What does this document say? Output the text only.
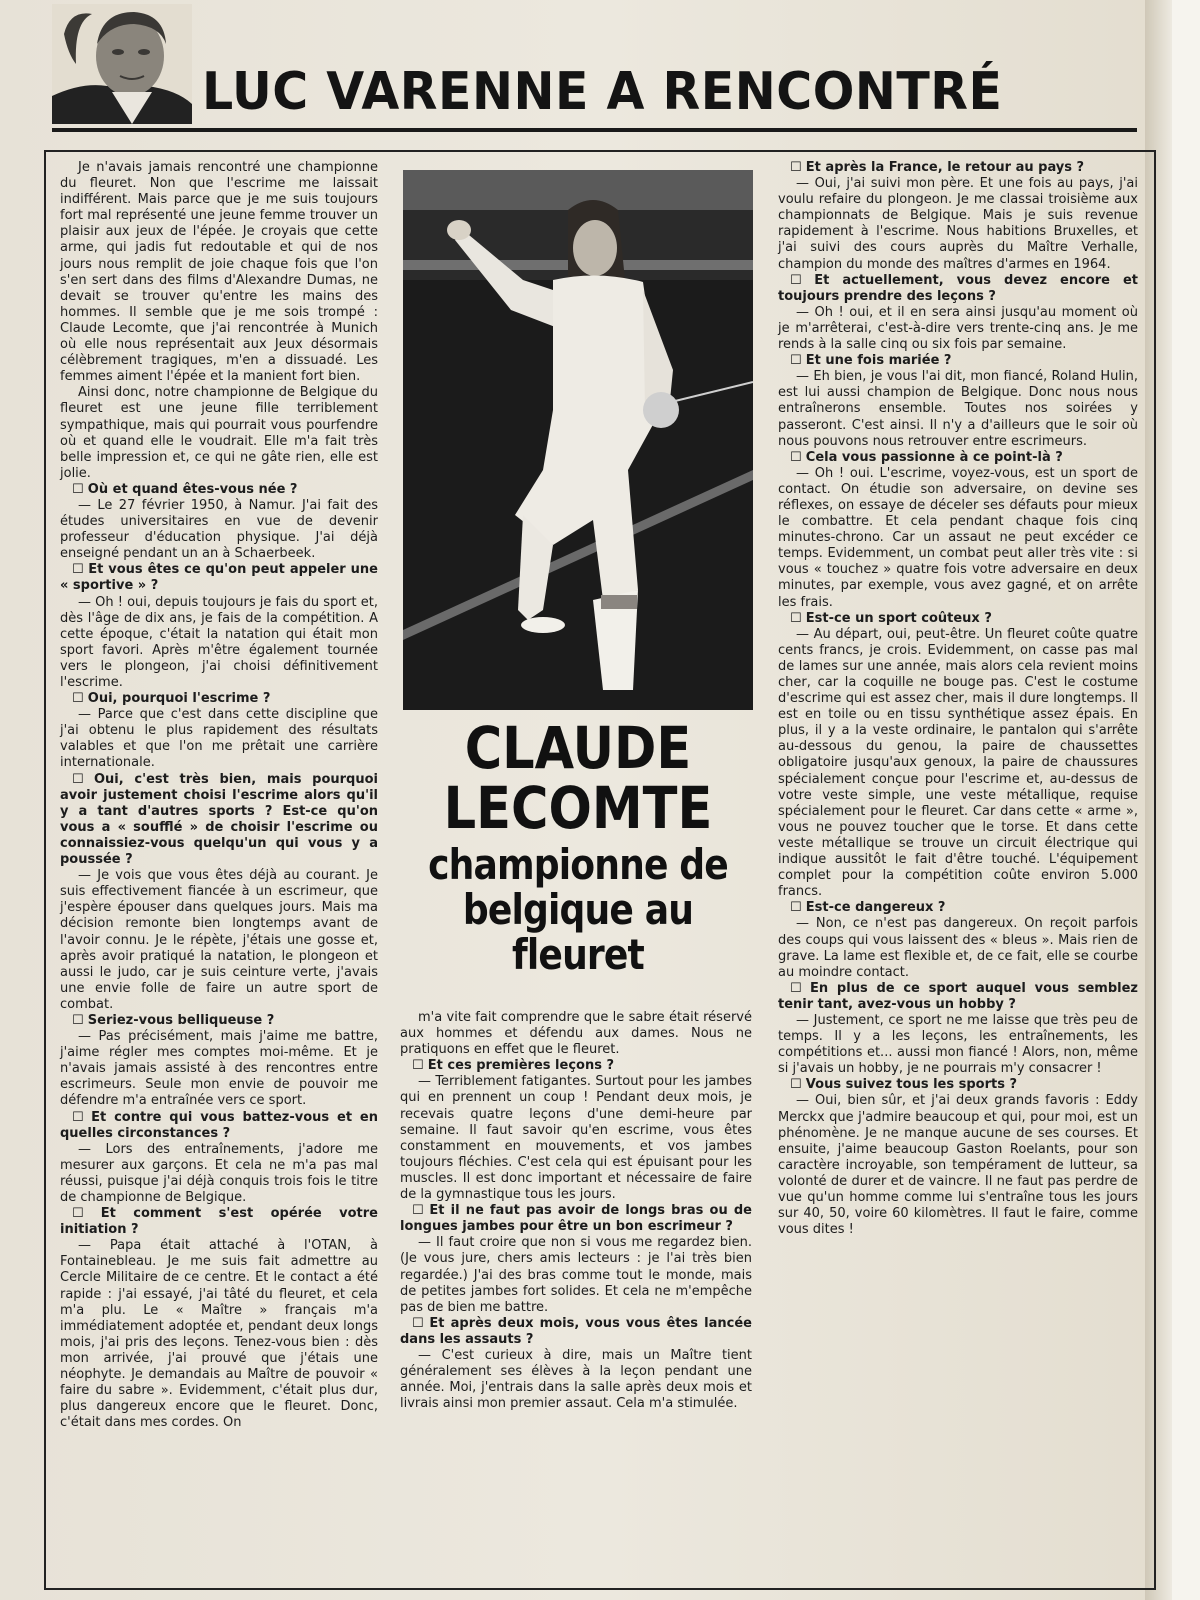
LUC VARENNE A RENCONTRÉ

Je n'avais jamais rencontré une championne du fleuret. Non que l'escrime me laissait indifférent. Mais parce que je me suis toujours fort mal représenté une jeune femme trouver un plaisir aux jeux de l'épée. Je croyais que cette arme, qui jadis fut redoutable et qui de nos jours nous remplit de joie chaque fois que l'on s'en sert dans des films d'Alexandre Dumas, ne devait se trouver qu'entre les mains des hommes. Il semble que je me sois trompé : Claude Lecomte, que j'ai rencontrée à Munich où elle nous représentait aux Jeux désormais célèbrement tragiques, m'en a dissuadé. Les femmes aiment l'épée et la manient fort bien.

Ainsi donc, notre championne de Belgique du fleuret est une jeune fille terriblement sympathique, mais qui pourrait vous pourfendre où et quand elle le voudrait. Elle m'a fait très belle impression et, ce qui ne gâte rien, elle est jolie.

☐ Où et quand êtes-vous née ?

— Le 27 février 1950, à Namur. J'ai fait des études universitaires en vue de devenir professeur d'éducation physique. J'ai déjà enseigné pendant un an à Schaerbeek.

☐ Et vous êtes ce qu'on peut appeler une « sportive » ?

— Oh ! oui, depuis toujours je fais du sport et, dès l'âge de dix ans, je fais de la compétition. A cette époque, c'était la natation qui était mon sport favori. Après m'être également tournée vers le plongeon, j'ai choisi définitivement l'escrime.

☐ Oui, pourquoi l'escrime ?

— Parce que c'est dans cette discipline que j'ai obtenu le plus rapidement des résultats valables et que l'on me prêtait une carrière internationale.

☐ Oui, c'est très bien, mais pourquoi avoir justement choisi l'escrime alors qu'il y a tant d'autres sports ? Est-ce qu'on vous a « soufflé » de choisir l'escrime ou connaissiez-vous quelqu'un qui vous y a poussée ?

— Je vois que vous êtes déjà au courant. Je suis effectivement fiancée à un escrimeur, que j'espère épouser dans quelques jours. Mais ma décision remonte bien longtemps avant de l'avoir connu. Je le répète, j'étais une gosse et, après avoir pratiqué la natation, le plongeon et aussi le judo, car je suis ceinture verte, j'avais une envie folle de faire un autre sport de combat.

☐ Seriez-vous belliqueuse ?

— Pas précisément, mais j'aime me battre, j'aime régler mes comptes moi-même. Et je n'avais jamais assisté à des rencontres entre escrimeurs. Seule mon envie de pouvoir me défendre m'a entraînée vers ce sport.

☐ Et contre qui vous battez-vous et en quelles circonstances ?

— Lors des entraînements, j'adore me mesurer aux garçons. Et cela ne m'a pas mal réussi, puisque j'ai déjà conquis trois fois le titre de championne de Belgique.

☐ Et comment s'est opérée votre initiation ?

— Papa était attaché à l'OTAN, à Fontainebleau. Je me suis fait admettre au Cercle Militaire de ce centre. Et le contact a été rapide : j'ai essayé, j'ai tâté du fleuret, et cela m'a plu. Le « Maître » français m'a immédiatement adoptée et, pendant deux longs mois, j'ai pris des leçons. Tenez-vous bien : dès mon arrivée, j'ai prouvé que j'étais une néophyte. Je demandais au Maître de pouvoir « faire du sabre ». Evidemment, c'était plus dur, plus dangereux encore que le fleuret. Donc, c'était dans mes cordes. On

CLAUDE LECOMTE
championne de belgique au fleuret

m'a vite fait comprendre que le sabre était réservé aux hommes et défendu aux dames. Nous ne pratiquons en effet que le fleuret.

☐ Et ces premières leçons ?

— Terriblement fatigantes. Surtout pour les jambes qui en prennent un coup ! Pendant deux mois, je recevais quatre leçons d'une demi-heure par semaine. Il faut savoir qu'en escrime, vous êtes constamment en mouvements, et vos jambes toujours fléchies. C'est cela qui est épuisant pour les muscles. Il est donc important et nécessaire de faire de la gymnastique tous les jours.

☐ Et il ne faut pas avoir de longs bras ou de longues jambes pour être un bon escrimeur ?

— Il faut croire que non si vous me regardez bien. (Je vous jure, chers amis lecteurs : je l'ai très bien regardée.) J'ai des bras comme tout le monde, mais de petites jambes fort solides. Et cela ne m'empêche pas de bien me battre.

☐ Et après deux mois, vous vous êtes lancée dans les assauts ?

— C'est curieux à dire, mais un Maître tient généralement ses élèves à la leçon pendant une année. Moi, j'entrais dans la salle après deux mois et livrais ainsi mon premier assaut. Cela m'a stimulée.

☐ Et après la France, le retour au pays ?

— Oui, j'ai suivi mon père. Et une fois au pays, j'ai voulu refaire du plongeon. Je me classai troisième aux championnats de Belgique. Mais je suis revenue rapidement à l'escrime. Nous habitions Bruxelles, et j'ai suivi des cours auprès du Maître Verhalle, champion du monde des maîtres d'armes en 1964.

☐ Et actuellement, vous devez encore et toujours prendre des leçons ?

— Oh ! oui, et il en sera ainsi jusqu'au moment où je m'arrêterai, c'est-à-dire vers trente-cinq ans. Je me rends à la salle cinq ou six fois par semaine.

☐ Et une fois mariée ?

— Eh bien, je vous l'ai dit, mon fiancé, Roland Hulin, est lui aussi champion de Belgique. Donc nous nous entraînerons ensemble. Toutes nos soirées y passeront. C'est ainsi. Il n'y a d'ailleurs que le soir où nous pouvons nous retrouver entre escrimeurs.

☐ Cela vous passionne à ce point-là ?

— Oh ! oui. L'escrime, voyez-vous, est un sport de contact. On étudie son adversaire, on devine ses réflexes, on essaye de déceler ses défauts pour mieux le combattre. Et cela pendant chaque fois cinq minutes-chrono. Car un assaut ne peut excéder ce temps. Evidemment, un combat peut aller très vite : si vous « touchez » quatre fois votre adversaire en deux minutes, par exemple, vous avez gagné, et on arrête les frais.

☐ Est-ce un sport coûteux ?

— Au départ, oui, peut-être. Un fleuret coûte quatre cents francs, je crois. Evidemment, on casse pas mal de lames sur une année, mais alors cela revient moins cher, car la coquille ne bouge pas. C'est le costume d'escrime qui est assez cher, mais il dure longtemps. Il est en toile ou en tissu synthétique assez épais. En plus, il y a la veste ordinaire, le pantalon qui s'arrête au-dessous du genou, la paire de chaussettes obligatoire jusqu'aux genoux, la paire de chaussures spécialement conçue pour l'escrime et, au-dessus de votre veste simple, une veste métallique, requise spécialement pour le fleuret. Car dans cette « arme », vous ne pouvez toucher que le torse. Et dans cette veste métallique se trouve un circuit électrique qui indique aussitôt le fait d'être touché. L'équipement complet pour la compétition coûte environ 5.000 francs.

☐ Est-ce dangereux ?

— Non, ce n'est pas dangereux. On reçoit parfois des coups qui vous laissent des « bleus ». Mais rien de grave. La lame est flexible et, de ce fait, elle se courbe au moindre contact.

☐ En plus de ce sport auquel vous semblez tenir tant, avez-vous un hobby ?

— Justement, ce sport ne me laisse que très peu de temps. Il y a les leçons, les entraînements, les compétitions et... aussi mon fiancé ! Alors, non, même si j'avais un hobby, je ne pourrais m'y consacrer !

☐ Vous suivez tous les sports ?

— Oui, bien sûr, et j'ai deux grands favoris : Eddy Merckx que j'admire beaucoup et qui, pour moi, est un phénomène. Je ne manque aucune de ses courses. Et ensuite, j'aime beaucoup Gaston Roelants, pour son caractère incroyable, son tempérament de lutteur, sa volonté de durer et de vaincre. Il ne faut pas perdre de vue qu'un homme comme lui s'entraîne tous les jours sur 40, 50, voire 60 kilomètres. Il faut le faire, comme vous dites !
